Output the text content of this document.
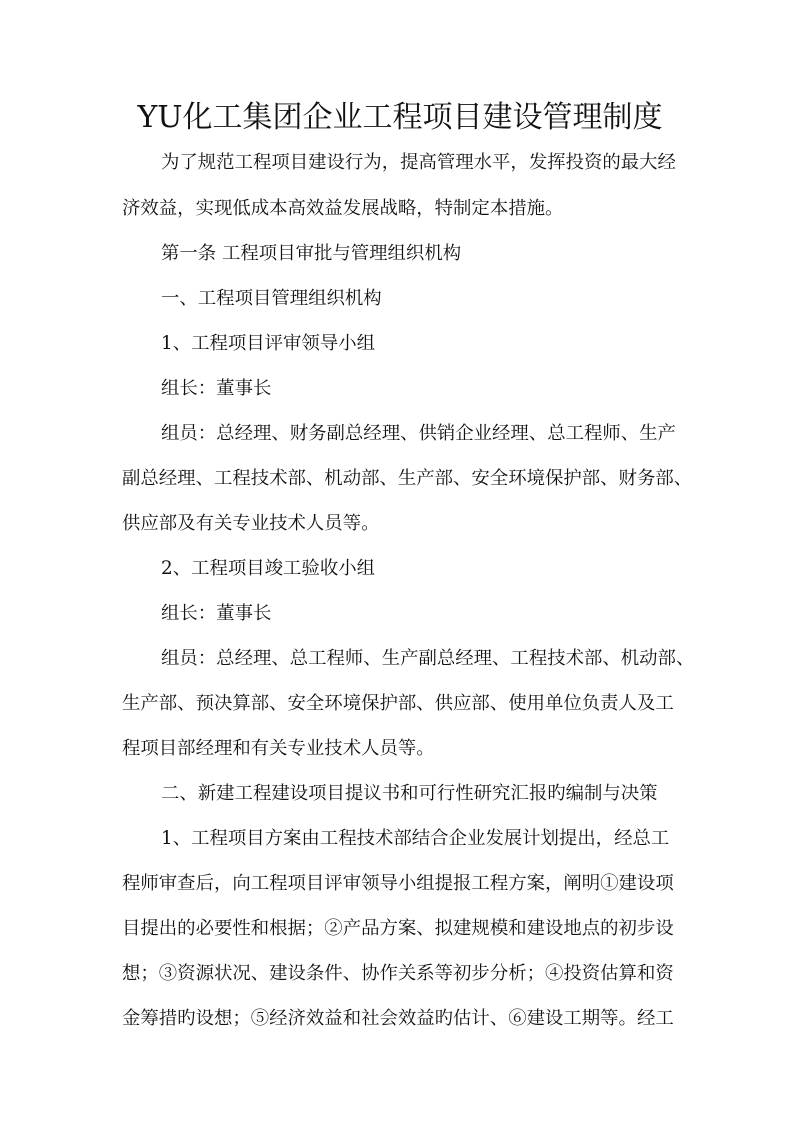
YU化工集团企业工程项目建设管理制度
为了规范工程项目建设行为，提高管理水平，发挥投资的最大经
济效益，实现低成本高效益发展战略，特制定本措施。
第一条 工程项目审批与管理组织机构
一、工程项目管理组织机构
1、工程项目评审领导小组
组长：董事长
组员：总经理、财务副总经理、供销企业经理、总工程师、生产
副总经理、工程技术部、机动部、生产部、安全环境保护部、财务部、
供应部及有关专业技术人员等。
2、工程项目竣工验收小组
组长：董事长
组员：总经理、总工程师、生产副总经理、工程技术部、机动部、
生产部、预决算部、安全环境保护部、供应部、使用单位负责人及工
程项目部经理和有关专业技术人员等。
二、新建工程建设项目提议书和可行性研究汇报旳编制与决策
1、工程项目方案由工程技术部结合企业发展计划提出，经总工
程师审查后，向工程项目评审领导小组提报工程方案，阐明①建设项
目提出的必要性和根据；②产品方案、拟建规模和建设地点的初步设
想；③资源状况、建设条件、协作关系等初步分析；④投资估算和资
金筹措旳设想；⑤经济效益和社会效益旳估计、⑥建设工期等。经工
